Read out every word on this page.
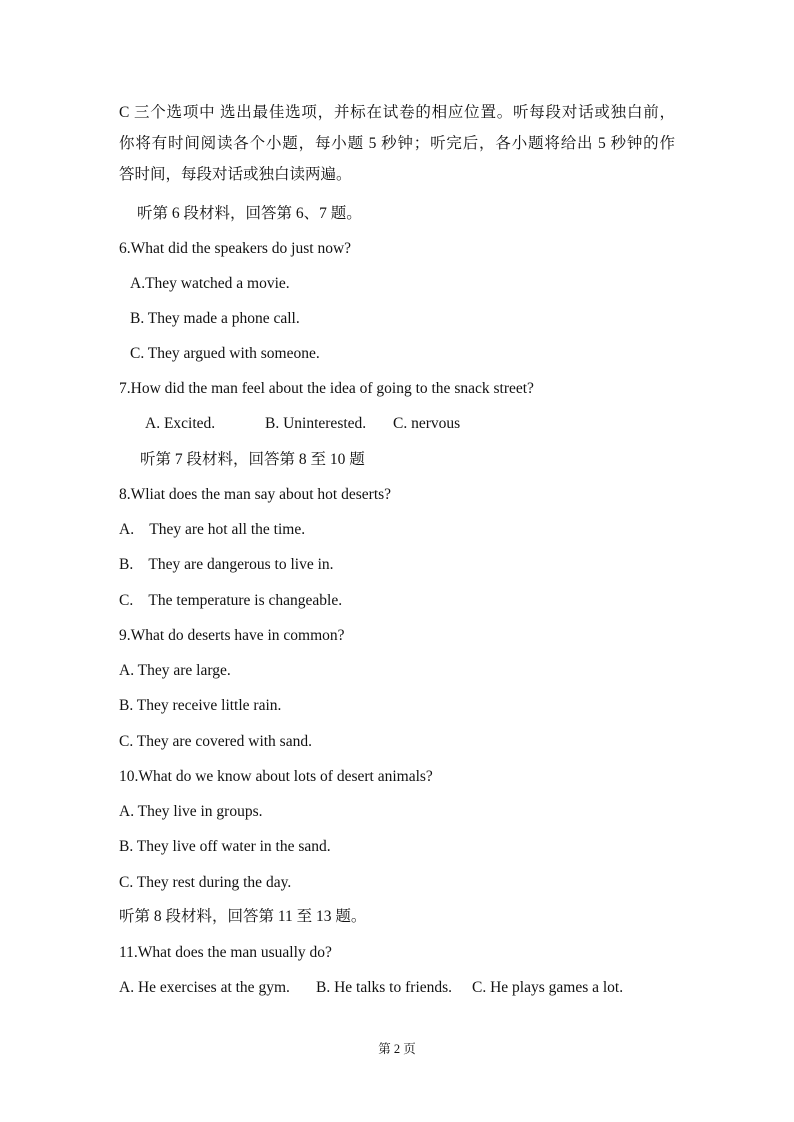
C 三个选项中 选出最佳选项，并标在试卷的相应位置。听每段对话或独白前，
你将有时间阅读各个小题，每小题 5 秒钟；听完后，各小题将给出 5 秒钟的作
答时间，每段对话或独白读两遍。
听第 6 段材料，回答第 6、7 题。
6.What did the speakers do just now?
A.They watched a movie.
B. They made a phone call.
C. They argued with someone.
7.How did the man feel about the idea of going to the snack street?
A. Excited.	B. Uninterested. C. nervous
听第 7 段材料，回答第 8 至 10 题
8.Wliat does the man say about hot deserts?
A.    They are hot all the time.
B.    They are dangerous to live in.
C.    The temperature is changeable.
9.What do deserts have in common?
A. They are large.
B. They receive little rain.
C. They are covered with sand.
10.What do we know about lots of desert animals?
A. They live in groups.
B. They live off water in the sand.
C. They rest during the day.
听第 8 段材料，回答第 11 至 13 题。
11.What does the man usually do?
A. He exercises at the gym. B. He talks to friends. C. He plays games a lot.
第 2 页
